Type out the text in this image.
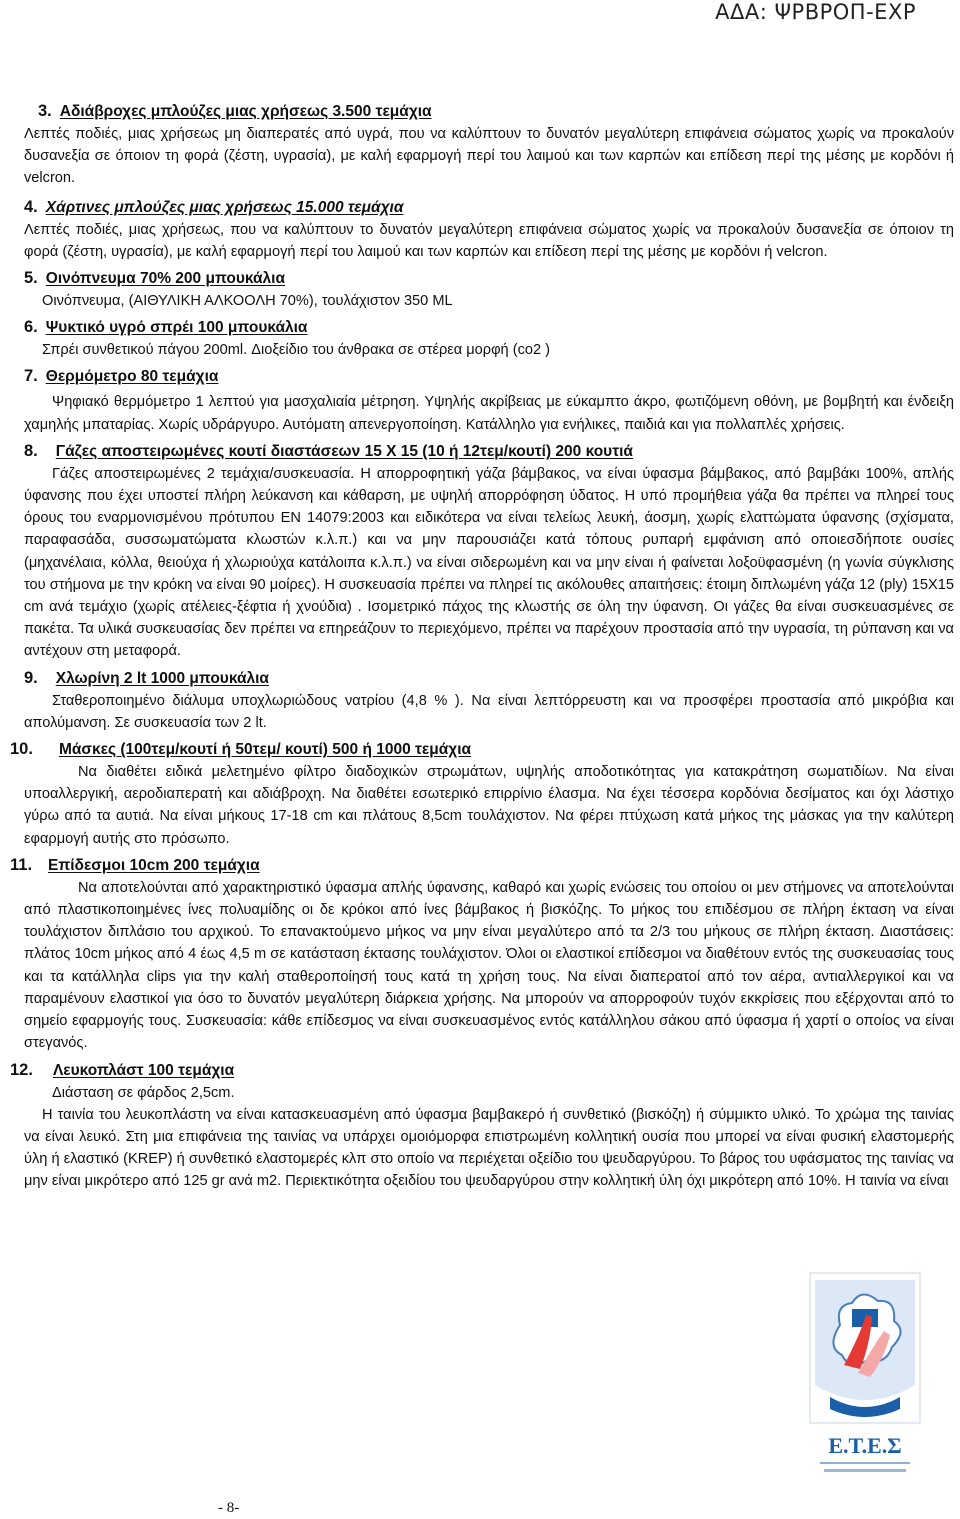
ΑΔΑ: ΨΡΒΡΟΠ-ΕΧΡ

3. Αδιάβροχες μπλούζες μιας χρήσεως 3.500 τεμάχια

Λεπτές ποδιές, μιας χρήσεως μη διαπερατές από υγρά, που να καλύπτουν το δυνατόν μεγαλύτερη επιφάνεια σώματος χωρίς να προκαλούν δυσανεξία σε όποιον τη φορά (ζέστη, υγρασία), με καλή εφαρμογή περί του λαιμού και των καρπών και επίδεση περί της μέσης με κορδόνι ή velcron.

4. Χάρτινες μπλούζες μιας χρήσεως 15.000 τεμάχια

Λεπτές ποδιές, μιας χρήσεως, που να καλύπτουν το δυνατόν μεγαλύτερη επιφάνεια σώματος χωρίς να προκαλούν δυσανεξία σε όποιον τη φορά (ζέστη, υγρασία), με καλή εφαρμογή περί του λαιμού και των καρπών και επίδεση περί της μέσης με κορδόνι ή velcron.

5. Οινόπνευμα 70% 200 μπουκάλια

Οινόπνευμα, (ΑΙΘΥΛΙΚΗ ΑΛΚΟΟΛΗ 70%), τουλάχιστον 350 ML

6. Ψυκτικό υγρό σπρέι 100 μπουκάλια

Σπρέι συνθετικού πάγου 200ml. Διοξείδιο του άνθρακα σε στέρεα μορφή (co2 )

7. Θερμόμετρο 80 τεμάχια

Ψηφιακό θερμόμετρο 1 λεπτού για μασχαλιαία μέτρηση. Υψηλής ακρίβειας με εύκαμπτο άκρο, φωτιζόμενη οθόνη, με βομβητή και ένδειξη χαμηλής μπαταρίας. Χωρίς υδράργυρο. Αυτόματη απενεργοποίηση. Κατάλληλο για ενήλικες, παιδιά και για πολλαπλές χρήσεις.

8. Γάζες αποστειρωμένες κουτί διαστάσεων 15 Χ 15 (10 ή 12τεμ/κουτί) 200 κουτιά

Γάζες αποστειρωμένες 2 τεμάχια/συσκευασία. Η απορροφητική γάζα βάμβακος, να είναι ύφασμα βάμβακος, από βαμβάκι 100%, απλής ύφανσης που έχει υποστεί πλήρη λεύκανση και κάθαρση, με υψηλή απορρόφηση ύδατος. Η υπό προμήθεια γάζα θα πρέπει να πληρεί τους όρους του εναρμονισμένου πρότυπου ΕΝ 14079:2003 και ειδικότερα να είναι τελείως λευκή, άοσμη, χωρίς ελαττώματα ύφανσης (σχίσματα, παραφασάδα, συσσωματώματα κλωστών κ.λ.π.) και να μην παρουσιάζει κατά τόπους ρυπαρή εμφάνιση από οποιεσδήποτε ουσίες (μηχανέλαια, κόλλα, θειούχα ή χλωριούχα κατάλοιπα κ.λ.π.) να είναι σιδερωμένη και να μην είναι ή φαίνεται λοξοϋφασμένη (η γωνία σύγκλισης του στήμονα με την κρόκη να είναι 90 μοίρες). Η συσκευασία πρέπει να πληρεί τις ακόλουθες απαιτήσεις: έτοιμη διπλωμένη γάζα 12 (ply) 15X15 cm ανά τεμάχιο (χωρίς ατέλειες-ξέφτια ή χνούδια) . Ισομετρικό πάχος της κλωστής σε όλη την ύφανση. Οι γάζες θα είναι συσκευασμένες σε πακέτα. Τα υλικά συσκευασίας δεν πρέπει να επηρεάζουν το περιεχόμενο, πρέπει να παρέχουν προστασία από την υγρασία, τη ρύπανση και να αντέχουν στη μεταφορά.

9. Χλωρίνη 2 lt 1000 μπουκάλια

Σταθεροποιημένο διάλυμα υποχλωριώδους νατρίου (4,8 % ). Να είναι λεπτόρρευστη και να προσφέρει προστασία από μικρόβια και απολύμανση. Σε συσκευασία των 2 lt.

10. Μάσκες (100τεμ/κουτί ή 50τεμ/ κουτί) 500 ή 1000 τεμάχια

Να διαθέτει ειδικά μελετημένο φίλτρο διαδοχικών στρωμάτων, υψηλής αποδοτικότητας για κατακράτηση σωματιδίων. Να είναι υποαλλεργική, αεροδιαπερατή και αδιάβροχη. Να διαθέτει εσωτερικό επιρρίνιο έλασμα. Να έχει τέσσερα κορδόνια δεσίματος και όχι λάστιχο γύρω από τα αυτιά. Να είναι μήκους 17-18 cm και πλάτους 8,5cm τουλάχιστον. Να φέρει πτύχωση κατά μήκος της μάσκας για την καλύτερη εφαρμογή αυτής στο πρόσωπο.

11. Επίδεσμοι 10cm 200 τεμάχια

Να αποτελούνται από χαρακτηριστικό ύφασμα απλής ύφανσης, καθαρό και χωρίς ενώσεις του οποίου οι μεν στήμονες να αποτελούνται από πλαστικοποιημένες ίνες πολυαμίδης οι δε κρόκοι από ίνες βάμβακος ή βισκόζης. Το μήκος του επιδέσμου σε πλήρη έκταση να είναι τουλάχιστον διπλάσιο του αρχικού. Το επανακτούμενο μήκος να μην είναι μεγαλύτερο από τα 2/3 του μήκους σε πλήρη έκταση. Διαστάσεις: πλάτος 10cm μήκος από 4 έως 4,5 m σε κατάσταση έκτασης τουλάχιστον. Όλοι οι ελαστικοί επίδεσμοι να διαθέτουν εντός της συσκευασίας τους και τα κατάλληλα clips για την καλή σταθεροποίησή τους κατά τη χρήση τους. Να είναι διαπερατοί από τον αέρα, αντιαλλεργικοί και να παραμένουν ελαστικοί για όσο το δυνατόν μεγαλύτερη διάρκεια χρήσης. Να μπορούν να απορροφούν τυχόν εκκρίσεις που εξέρχονται από το σημείο εφαρμογής τους. Συσκευασία: κάθε επίδεσμος να είναι συσκευασμένος εντός κατάλληλου σάκου από ύφασμα ή χαρτί ο οποίος να είναι στεγανός.

12. Λευκοπλάστ 100 τεμάχια

Διάσταση σε φάρδος 2,5cm.

Η ταινία του λευκοπλάστη να είναι κατασκευασμένη από ύφασμα βαμβακερό ή συνθετικό (βισκόζη) ή σύμμικτο υλικό. Το χρώμα της ταινίας να είναι λευκό. Στη μια επιφάνεια της ταινίας να υπάρχει ομοιόμορφα επιστρωμένη κολλητική ουσία που μπορεί να είναι φυσική ελαστομερής ύλη ή ελαστικό (KREP) ή συνθετικό ελαστομερές κλπ στο οποίο να περιέχεται οξείδιο του ψευδαργύρου. Το βάρος του υφάσματος της ταινίας να μην είναι μικρότερο από 125 gr ανά m2. Περιεκτικότητα οξειδίου του ψευδαργύρου στην κολλητική ύλη όχι μικρότερη από 10%. Η ταινία να είναι

Ε.Τ.Ε.Σ
- 8-
